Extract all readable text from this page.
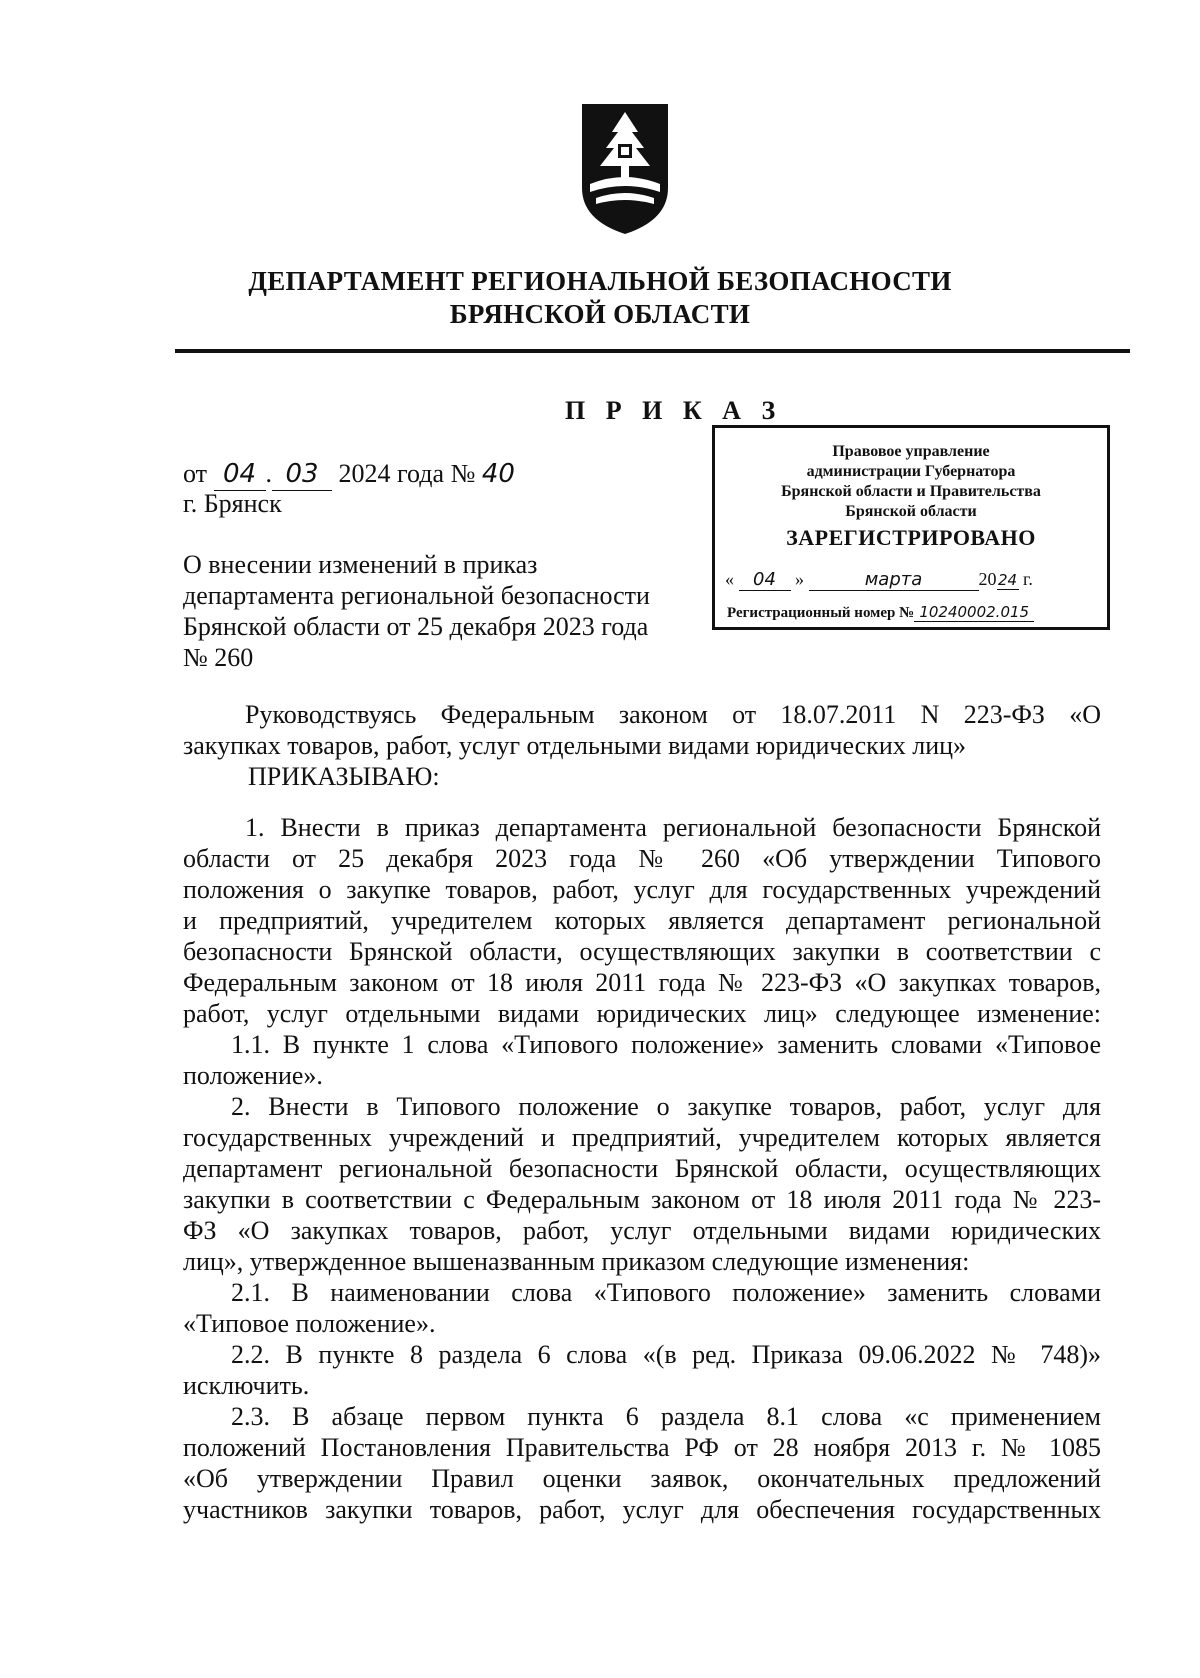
ДЕПАРТАМЕНТ РЕГИОНАЛЬНОЙ БЕЗОПАСНОСТИ
БРЯНСКОЙ ОБЛАСТИ
П Р И К А З
Правовое управление
администрации Губернатора
Брянской области и Правительства
Брянской области
ЗАРЕГИСТРИРОВАНО
« 04 »	марта	2024 г.
Регистрационный номер № 10240002.015
от 04 . 03 2024 года № 40
г. Брянск
О внесении изменений в приказ
департамента региональной безопасности
Брянской области от 25 декабря 2023 года
№ 260
Руководствуясь Федеральным законом от 18.07.2011 N 223-ФЗ «О
закупках товаров, работ, услуг отдельными видами юридических лиц»
ПРИКАЗЫВАЮ:
1. Внести в приказ департамента региональной безопасности Брянской
области от 25 декабря 2023 года № 260 «Об утверждении Типового
положения о закупке товаров, работ, услуг для государственных учреждений
и предприятий, учредителем которых является департамент региональной
безопасности Брянской области, осуществляющих закупки в соответствии с
Федеральным законом от 18 июля 2011 года № 223-ФЗ «О закупках товаров,
работ, услуг отдельными видами юридических лиц» следующее изменение:
1.1. В пункте 1 слова «Типового положение» заменить словами «Типовое
положение».
2. Внести в Типового положение о закупке товаров, работ, услуг для
государственных учреждений и предприятий, учредителем которых является
департамент региональной безопасности Брянской области, осуществляющих
закупки в соответствии с Федеральным законом от 18 июля 2011 года № 223-
ФЗ «О закупках товаров, работ, услуг отдельными видами юридических
лиц», утвержденное вышеназванным приказом следующие изменения:
2.1. В наименовании слова «Типового положение» заменить словами
«Типовое положение».
2.2. В пункте 8 раздела 6 слова «(в ред. Приказа 09.06.2022 № 748)»
исключить.
2.3. В абзаце первом пункта 6 раздела 8.1 слова «с применением
положений Постановления Правительства РФ от 28 ноября 2013 г. № 1085
«Об утверждении Правил оценки заявок, окончательных предложений
участников закупки товаров, работ, услуг для обеспечения государственных
